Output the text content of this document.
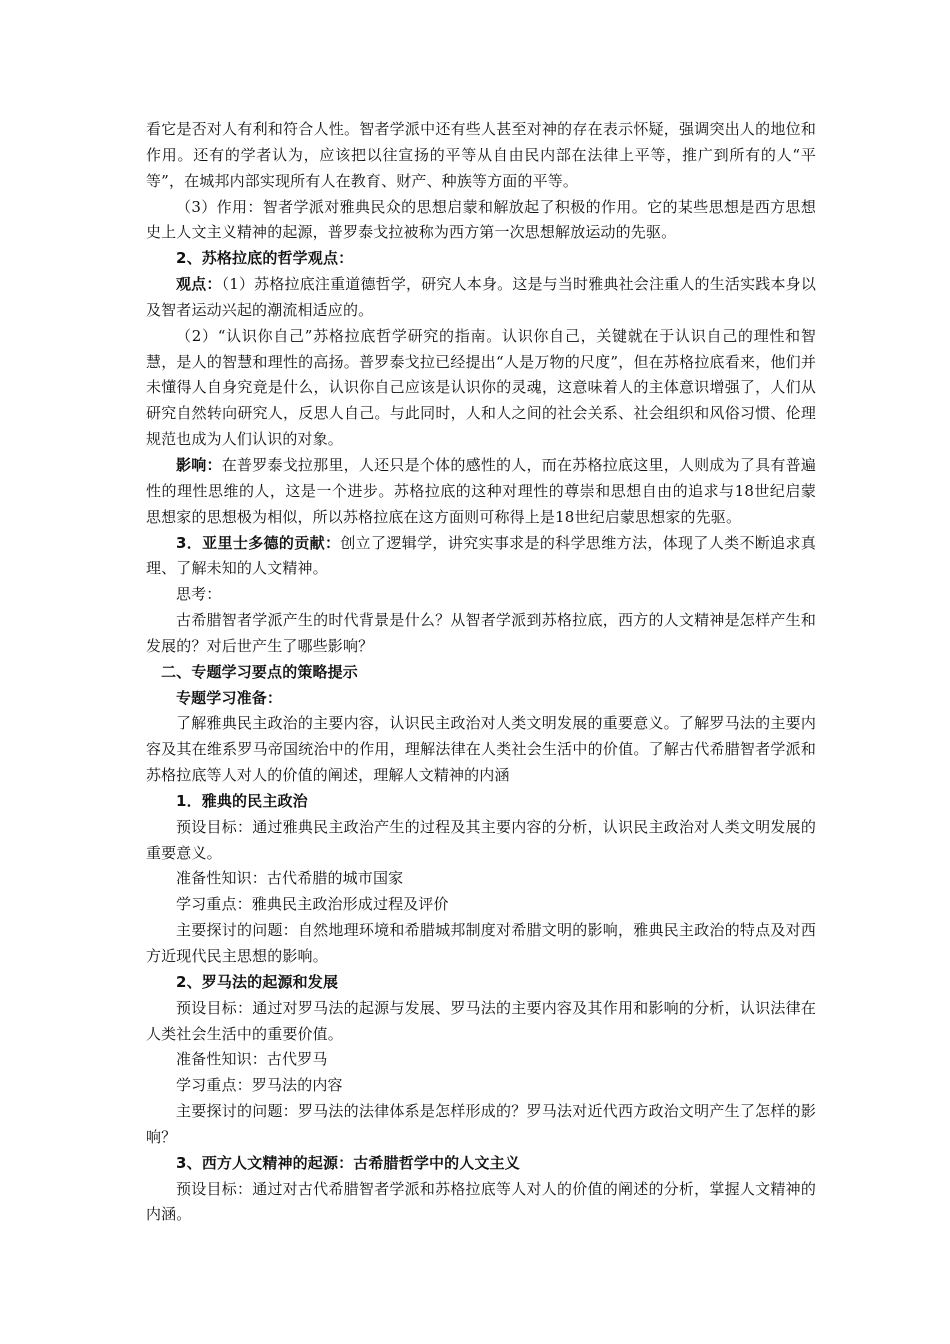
看它是否对人有利和符合人性。智者学派中还有些人甚至对神的存在表示怀疑，强调突出人的地位和作用。还有的学者认为，应该把以往宣扬的平等从自由民内部在法律上平等，推广到所有的人“平等”，在城邦内部实现所有人在教育、财产、种族等方面的平等。

（3）作用：智者学派对雅典民众的思想启蒙和解放起了积极的作用。它的某些思想是西方思想史上人文主义精神的起源，普罗泰戈拉被称为西方第一次思想解放运动的先驱。

2、苏格拉底的哲学观点：

观点：（1）苏格拉底注重道德哲学，研究人本身。这是与当时雅典社会注重人的生活实践本身以及智者运动兴起的潮流相适应的。

（2）“认识你自己”苏格拉底哲学研究的指南。认识你自己，关键就在于认识自己的理性和智慧，是人的智慧和理性的高扬。普罗泰戈拉已经提出“人是万物的尺度”，但在苏格拉底看来，他们并未懂得人自身究竟是什么，认识你自己应该是认识你的灵魂，这意味着人的主体意识增强了，人们从研究自然转向研究人，反思人自己。与此同时，人和人之间的社会关系、社会组织和风俗习惯、伦理规范也成为人们认识的对象。

影响：在普罗泰戈拉那里，人还只是个体的感性的人，而在苏格拉底这里，人则成为了具有普遍性的理性思维的人，这是一个进步。苏格拉底的这种对理性的尊崇和思想自由的追求与18世纪启蒙思想家的思想极为相似，所以苏格拉底在这方面则可称得上是18世纪启蒙思想家的先驱。

3．亚里士多德的贡献：创立了逻辑学，讲究实事求是的科学思维方法，体现了人类不断追求真理、了解未知的人文精神。

思考：

古希腊智者学派产生的时代背景是什么？从智者学派到苏格拉底，西方的人文精神是怎样产生和发展的？对后世产生了哪些影响？

二、专题学习要点的策略提示

专题学习准备：

了解雅典民主政治的主要内容，认识民主政治对人类文明发展的重要意义。了解罗马法的主要内容及其在维系罗马帝国统治中的作用，理解法律在人类社会生活中的价值。了解古代希腊智者学派和苏格拉底等人对人的价值的阐述，理解人文精神的内涵

1．雅典的民主政治

预设目标：通过雅典民主政治产生的过程及其主要内容的分析，认识民主政治对人类文明发展的重要意义。

准备性知识：古代希腊的城市国家

学习重点：雅典民主政治形成过程及评价

主要探讨的问题：自然地理环境和希腊城邦制度对希腊文明的影响，雅典民主政治的特点及对西方近现代民主思想的影响。

2、罗马法的起源和发展

预设目标：通过对罗马法的起源与发展、罗马法的主要内容及其作用和影响的分析，认识法律在人类社会生活中的重要价值。

准备性知识：古代罗马

学习重点：罗马法的内容

主要探讨的问题：罗马法的法律体系是怎样形成的？罗马法对近代西方政治文明产生了怎样的影响？

3、西方人文精神的起源：古希腊哲学中的人文主义

预设目标：通过对古代希腊智者学派和苏格拉底等人对人的价值的阐述的分析，掌握人文精神的内涵。
